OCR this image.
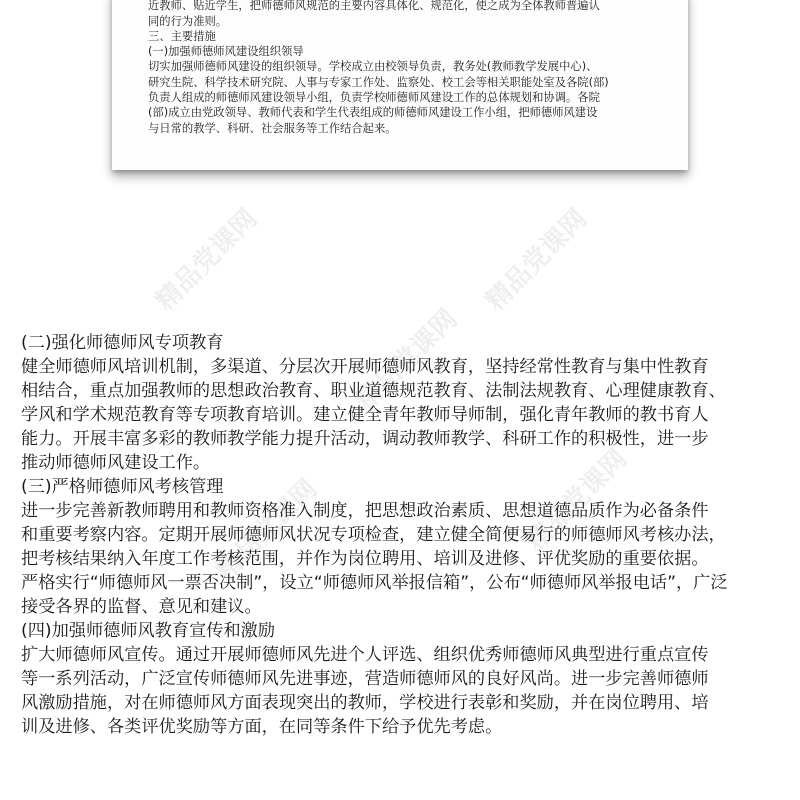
近教师、贴近学生，把师德师风规范的主要内容具体化、规范化，使之成为全体教师普遍认
同的行为准则。
三、主要措施
(一)加强师德师风建设组织领导
切实加强师德师风建设的组织领导。学校成立由校领导负责，教务处(教师教学发展中心)、
研究生院、科学技术研究院、人事与专家工作处、监察处、校工会等相关职能处室及各院(部)
负责人组成的师德师风建设领导小组，负责学校师德师风建设工作的总体规划和协调。各院
(部)成立由党政领导、教师代表和学生代表组成的师德师风建设工作小组，把师德师风建设
与日常的教学、科研、社会服务等工作结合起来。
精品党课网	精品党课网
精品党课网
精品党课网	精品党课网
(二)强化师德师风专项教育
健全师德师风培训机制，多渠道、分层次开展师德师风教育，坚持经常性教育与集中性教育
相结合，重点加强教师的思想政治教育、职业道德规范教育、法制法规教育、心理健康教育、
学风和学术规范教育等专项教育培训。建立健全青年教师导师制，强化青年教师的教书育人
能力。开展丰富多彩的教师教学能力提升活动，调动教师教学、科研工作的积极性，进一步
推动师德师风建设工作。
(三)严格师德师风考核管理
进一步完善新教师聘用和教师资格准入制度，把思想政治素质、思想道德品质作为必备条件
和重要考察内容。定期开展师德师风状况专项检查，建立健全简便易行的师德师风考核办法，
把考核结果纳入年度工作考核范围，并作为岗位聘用、培训及进修、评优奖励的重要依据。
严格实行“师德师风一票否决制”，设立“师德师风举报信箱”，公布“师德师风举报电话”，广泛
接受各界的监督、意见和建议。
(四)加强师德师风教育宣传和激励
扩大师德师风宣传。通过开展师德师风先进个人评选、组织优秀师德师风典型进行重点宣传
等一系列活动，广泛宣传师德师风先进事迹，营造师德师风的良好风尚。进一步完善师德师
风激励措施，对在师德师风方面表现突出的教师，学校进行表彰和奖励，并在岗位聘用、培
训及进修、各类评优奖励等方面，在同等条件下给予优先考虑。
